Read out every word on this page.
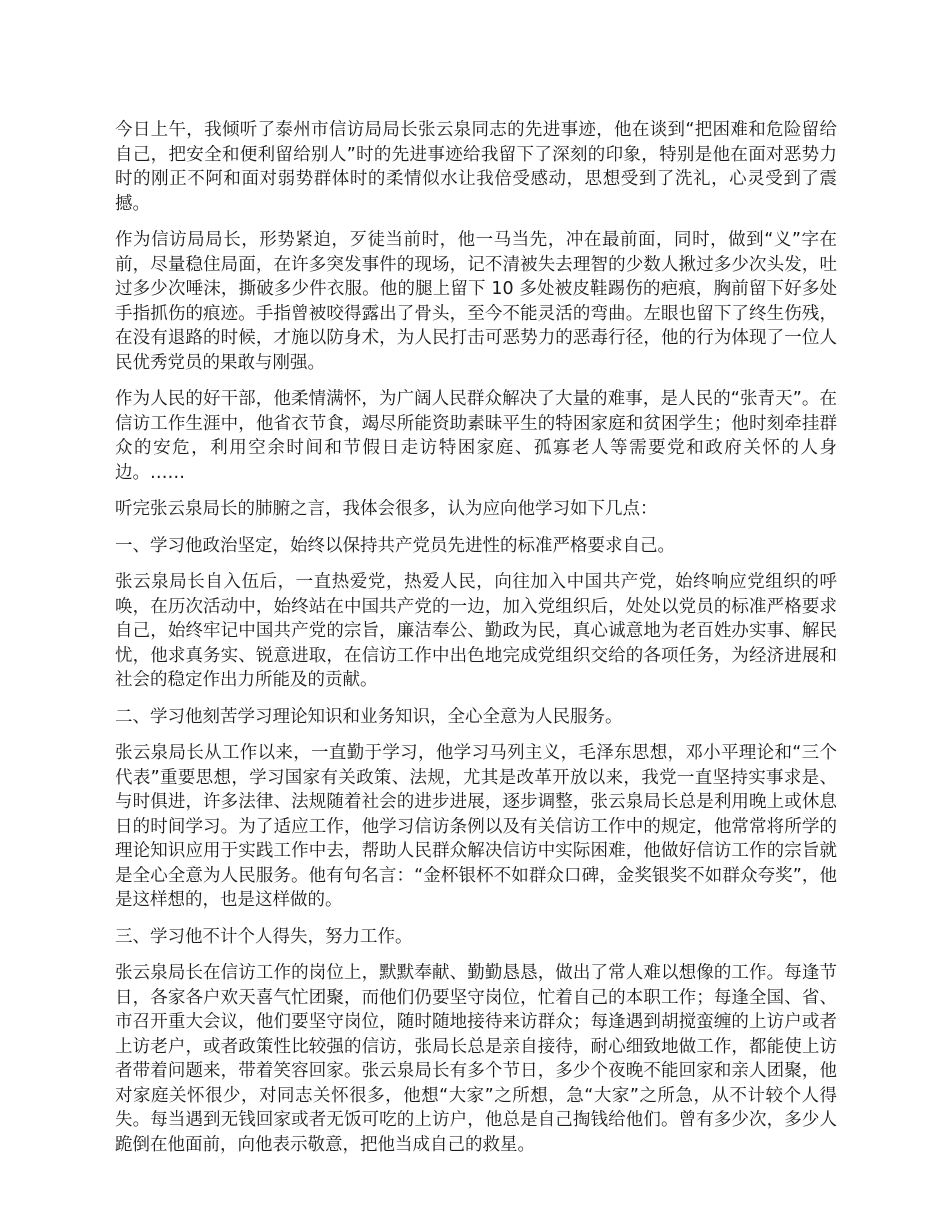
今日上午，我倾听了泰州市信访局局长张云泉同志的先进事迹，他在谈到“把困难和危险留给自己，把安全和便利留给别人”时的先进事迹给我留下了深刻的印象，特别是他在面对恶势力时的刚正不阿和面对弱势群体时的柔情似水让我倍受感动，思想受到了洗礼，心灵受到了震撼。

作为信访局局长，形势紧迫，歹徒当前时，他一马当先，冲在最前面，同时，做到“义”字在前，尽量稳住局面，在许多突发事件的现场，记不清被失去理智的少数人揪过多少次头发，吐过多少次唾沫，撕破多少件衣服。他的腿上留下 10 多处被皮鞋踢伤的疤痕，胸前留下好多处手指抓伤的痕迹。手指曾被咬得露出了骨头，至今不能灵活的弯曲。左眼也留下了终生伤残，在没有退路的时候，才施以防身术，为人民打击可恶势力的恶毒行径，他的行为体现了一位人民优秀党员的果敢与刚强。

作为人民的好干部，他柔情满怀，为广阔人民群众解决了大量的难事，是人民的“张青天”。在信访工作生涯中，他省衣节食，竭尽所能资助素昧平生的特困家庭和贫困学生；他时刻牵挂群众的安危，利用空余时间和节假日走访特困家庭、孤寡老人等需要党和政府关怀的人身边。……

听完张云泉局长的肺腑之言，我体会很多，认为应向他学习如下几点：

一、学习他政治坚定，始终以保持共产党员先进性的标准严格要求自己。

张云泉局长自入伍后，一直热爱党，热爱人民，向往加入中国共产党，始终响应党组织的呼唤，在历次活动中，始终站在中国共产党的一边，加入党组织后，处处以党员的标准严格要求自己，始终牢记中国共产党的宗旨，廉洁奉公、勤政为民，真心诚意地为老百姓办实事、解民忧，他求真务实、锐意进取，在信访工作中出色地完成党组织交给的各项任务，为经济进展和社会的稳定作出力所能及的贡献。

二、学习他刻苦学习理论知识和业务知识，全心全意为人民服务。

张云泉局长从工作以来，一直勤于学习，他学习马列主义，毛泽东思想，邓小平理论和“三个代表”重要思想，学习国家有关政策、法规，尤其是改革开放以来，我党一直坚持实事求是、与时俱进，许多法律、法规随着社会的进步进展，逐步调整，张云泉局长总是利用晚上或休息日的时间学习。为了适应工作，他学习信访条例以及有关信访工作中的规定，他常常将所学的理论知识应用于实践工作中去，帮助人民群众解决信访中实际困难，他做好信访工作的宗旨就是全心全意为人民服务。他有句名言：“金杯银杯不如群众口碑，金奖银奖不如群众夸奖”，他是这样想的，也是这样做的。

三、学习他不计个人得失，努力工作。

张云泉局长在信访工作的岗位上，默默奉献、勤勤恳恳，做出了常人难以想像的工作。每逢节日，各家各户欢天喜气忙团聚，而他们仍要坚守岗位，忙着自己的本职工作；每逢全国、省、市召开重大会议，他们要坚守岗位，随时随地接待来访群众；每逢遇到胡搅蛮缠的上访户或者上访老户，或者政策性比较强的信访，张局长总是亲自接待，耐心细致地做工作，都能使上访者带着问题来，带着笑容回家。张云泉局长有多个节日，多少个夜晚不能回家和亲人团聚，他对家庭关怀很少，对同志关怀很多，他想“大家”之所想，急“大家”之所急，从不计较个人得失。每当遇到无钱回家或者无饭可吃的上访户，他总是自己掏钱给他们。曾有多少次，多少人跪倒在他面前，向他表示敬意，把他当成自己的救星。
